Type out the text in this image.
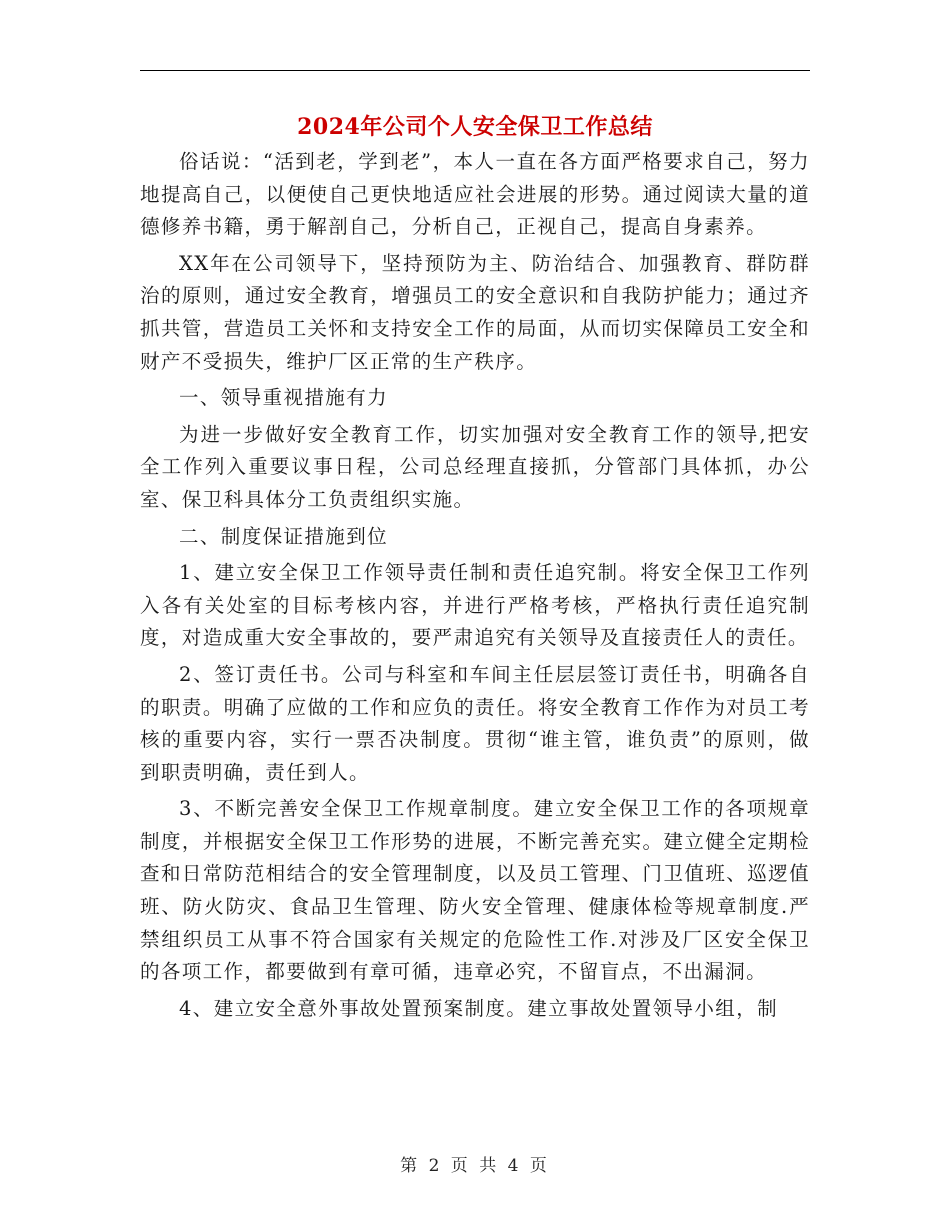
2024年公司个人安全保卫工作总结

俗话说：“活到老，学到老”，本人一直在各方面严格要求自己，努力地提高自己，以便使自己更快地适应社会进展的形势。通过阅读大量的道德修养书籍，勇于解剖自己，分析自己，正视自己，提高自身素养。

XX年在公司领导下，坚持预防为主、防治结合、加强教育、群防群治的原则，通过安全教育，增强员工的安全意识和自我防护能力；通过齐抓共管，营造员工关怀和支持安全工作的局面，从而切实保障员工安全和财产不受损失，维护厂区正常的生产秩序。

一、领导重视措施有力

为进一步做好安全教育工作，切实加强对安全教育工作的领导,把安全工作列入重要议事日程，公司总经理直接抓，分管部门具体抓，办公室、保卫科具体分工负责组织实施。

二、制度保证措施到位

1、建立安全保卫工作领导责任制和责任追究制。将安全保卫工作列入各有关处室的目标考核内容，并进行严格考核，严格执行责任追究制度，对造成重大安全事故的，要严肃追究有关领导及直接责任人的责任。

2、签订责任书。公司与科室和车间主任层层签订责任书，明确各自的职责。明确了应做的工作和应负的责任。将安全教育工作作为对员工考核的重要内容，实行一票否决制度。贯彻“谁主管，谁负责”的原则，做到职责明确，责任到人。

3、不断完善安全保卫工作规章制度。建立安全保卫工作的各项规章制度，并根据安全保卫工作形势的进展，不断完善充实。建立健全定期检查和日常防范相结合的安全管理制度，以及员工管理、门卫值班、巡逻值班、防火防灾、食品卫生管理、防火安全管理、健康体检等规章制度.严禁组织员工从事不符合国家有关规定的危险性工作.对涉及厂区安全保卫的各项工作，都要做到有章可循，违章必究，不留盲点，不出漏洞。

4、建立安全意外事故处置预案制度。建立事故处置领导小组，制

第 2 页 共 4 页
